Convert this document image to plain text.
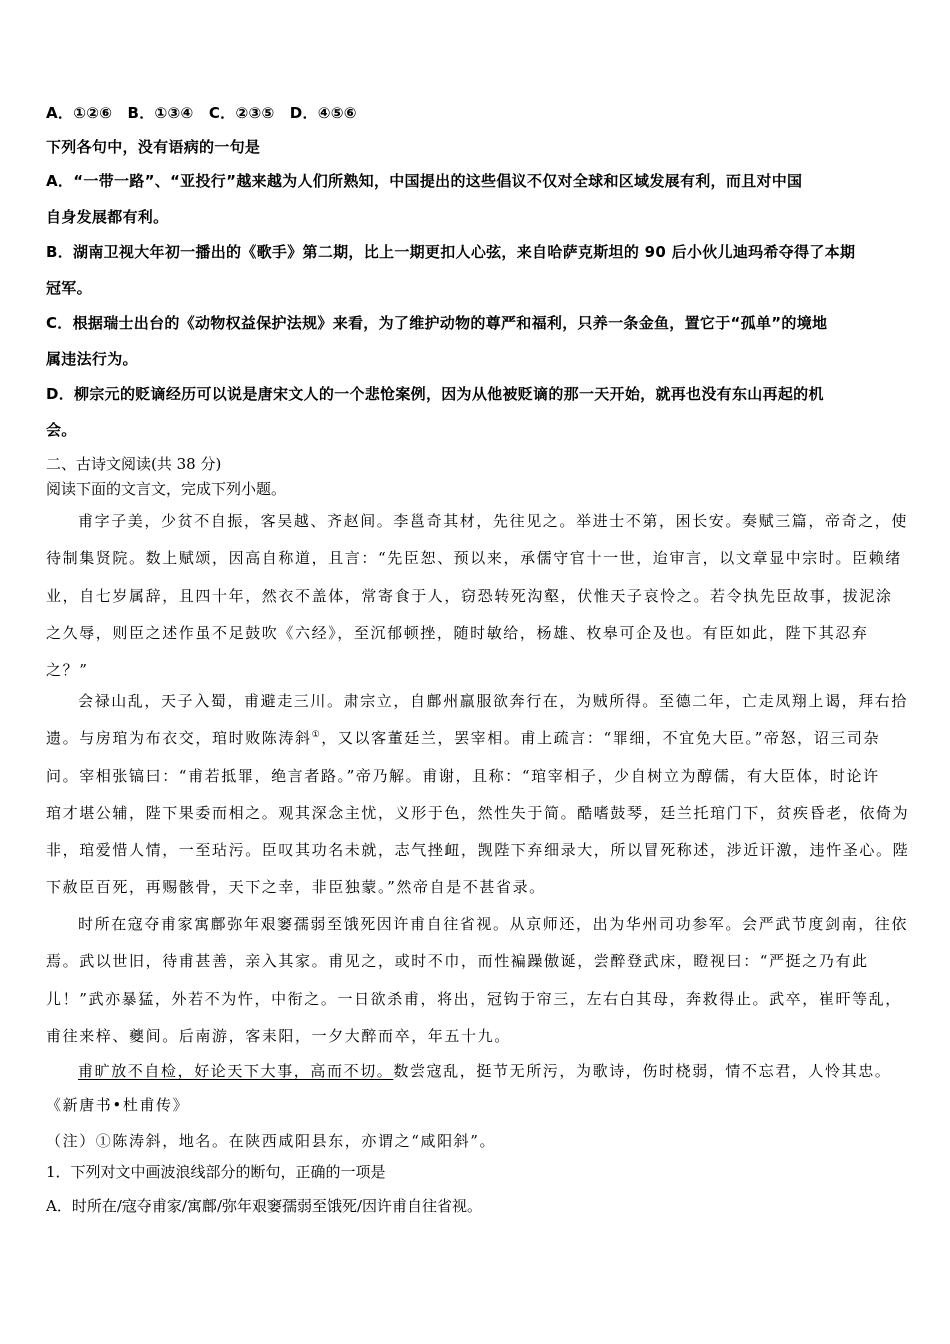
A．①②⑥　B．①③④　C．②③⑤　D．④⑤⑥
下列各句中，没有语病的一句是
A．“一带一路”、“亚投行”越来越为人们所熟知，中国提出的这些倡议不仅对全球和区域发展有利，而且对中国
自身发展都有利。
B．湖南卫视大年初一播出的《歌手》第二期，比上一期更扣人心弦，来自哈萨克斯坦的 90 后小伙儿迪玛希夺得了本期
冠军。
C．根据瑞士出台的《动物权益保护法规》来看，为了维护动物的尊严和福利，只养一条金鱼，置它于“孤单”的境地
属违法行为。
D．柳宗元的贬谪经历可以说是唐宋文人的一个悲怆案例，因为从他被贬谪的那一天开始，就再也没有东山再起的机
会。
二、古诗文阅读(共 38 分)
阅读下面的文言文，完成下列小题。
甫字子美，少贫不自振，客吴越、齐赵间。李邕奇其材，先往见之。举进士不第，困长安。奏赋三篇，帝奇之，使
待制集贤院。数上赋颂，因高自称道，且言：“先臣恕、预以来，承儒守官十一世，迨审言，以文章显中宗时。臣赖绪
业，自七岁属辞，且四十年，然衣不盖体，常寄食于人，窃恐转死沟壑，伏惟天子哀怜之。若令执先臣故事，拔泥涂
之久辱，则臣之述作虽不足鼓吹《六经》，至沉郁顿挫，随时敏给，杨雄、枚皋可企及也。有臣如此，陛下其忍弃
之？”
会禄山乱，天子入蜀，甫避走三川。肃宗立，自鄜州羸服欲奔行在，为贼所得。至德二年，亡走凤翔上谒，拜右拾
遗。与房琯为布衣交，琯时败陈涛斜①，又以客董廷兰，罢宰相。甫上疏言：“罪细，不宜免大臣。”帝怒，诏三司杂
问。宰相张镐曰：“甫若抵罪，绝言者路。”帝乃解。甫谢，且称：“琯宰相子，少自树立为醇儒，有大臣体，时论许
琯才堪公辅，陛下果委而相之。观其深念主忧，义形于色，然性失于简。酷嗜鼓琴，廷兰托琯门下，贫疾昏老，依倚为
非，琯爱惜人情，一至玷污。臣叹其功名未就，志气挫衄，觊陛下弃细录大，所以冒死称述，涉近讦激，违忤圣心。陛
下赦臣百死，再赐骸骨，天下之幸，非臣独蒙。”然帝自是不甚省录。
时所在寇夺甫家寓鄜弥年艰窭孺弱至饿死因许甫自往省视。从京师还，出为华州司功参军。会严武节度剑南，往依
焉。武以世旧，待甫甚善，亲入其家。甫见之，或时不巾，而性褊躁傲诞，尝醉登武床，瞪视曰：“严挺之乃有此
儿！”武亦暴猛，外若不为忤，中衔之。一日欲杀甫，将出，冠钩于帘三，左右白其母，奔救得止。武卒，崔旰等乱，
甫往来梓、夔间。后南游，客耒阳，一夕大醉而卒，年五十九。
甫旷放不自检，好论天下大事，高而不切。数尝寇乱，挺节无所污，为歌诗，伤时桡弱，情不忘君，人怜其忠。
《新唐书•杜甫传》
（注）①陈涛斜，地名。在陕西咸阳县东，亦谓之“咸阳斜”。
1．下列对文中画波浪线部分的断句，正确的一项是
A．时所在/寇夺甫家/寓鄜/弥年艰窭孺弱至饿死/因许甫自往省视。
